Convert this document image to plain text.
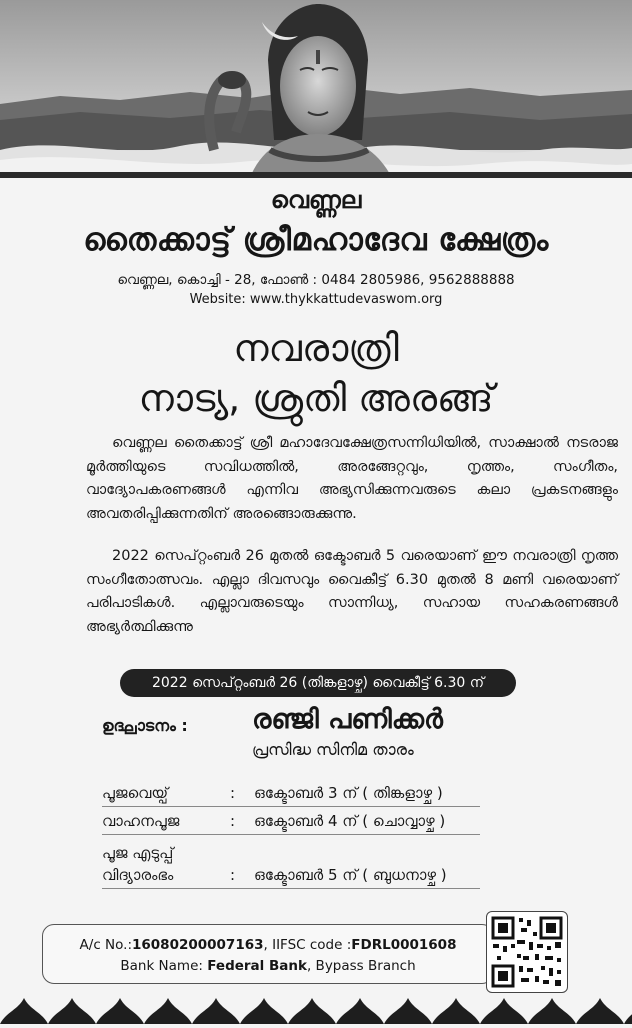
വെണ്ണല
തൈക്കാട്ട് ശ്രീമഹാദേവ ക്ഷേത്രം
വെണ്ണല, കൊച്ചി - 28, ഫോൺ : 0484 2805986, 9562888888
Website: www.thykkattudevaswom.org
നവരാത്രി
നാട്യ, ശ്രുതി അരങ്ങ്

വെണ്ണല തൈക്കാട്ട് ശ്രീ മഹാദേവക്ഷേത്രസന്നിധിയിൽ, സാക്ഷാൽ നടരാജ മൂർത്തിയുടെ സവിധത്തിൽ, അരങ്ങേറ്റവും, നൃത്തം, സംഗീതം, വാദ്യോപകരണങ്ങൾ എന്നിവ അഭ്യസിക്കുന്നവരുടെ കലാ പ്രകടനങ്ങളും അവതരിപ്പിക്കുന്നതിന് അരങ്ങൊരുക്കുന്നു.

2022 സെപ്റ്റംബർ 26 മുതൽ ഒക്ടോബർ 5 വരെയാണ് ഈ നവരാത്രി നൃത്ത സംഗീതോത്സവം. എല്ലാ ദിവസവും വൈകീട്ട് 6.30 മുതൽ 8 മണി വരെയാണ് പരിപാടികൾ. എല്ലാവരുടെയും സാന്നിധ്യ, സഹായ സഹകരണങ്ങൾ അഭ്യർത്ഥിക്കുന്നു

2022 സെപ്റ്റംബർ 26 (തിങ്കളാഴ്ച) വൈകീട്ട് 6.30 ന്
ഉദ്ഘാടനം : രഞ്ജി പണിക്കർ
പ്രസിദ്ധ സിനിമ താരം
പൂജവെയ്പ്	: ഒക്ടോബർ 3 ന് ( തിങ്കളാഴ്ച )
വാഹനപൂജ	: ഒക്ടോബർ 4 ന് ( ചൊവ്വാഴ്ച )
പൂജ എടുപ്പ്
വിദ്യാരംഭം	: ഒക്ടോബർ 5 ന് ( ബുധനാഴ്ച )
A/c No.:16080200007163, IIFSC code :FDRL0001608
Bank Name: Federal Bank, Bypass Branch
